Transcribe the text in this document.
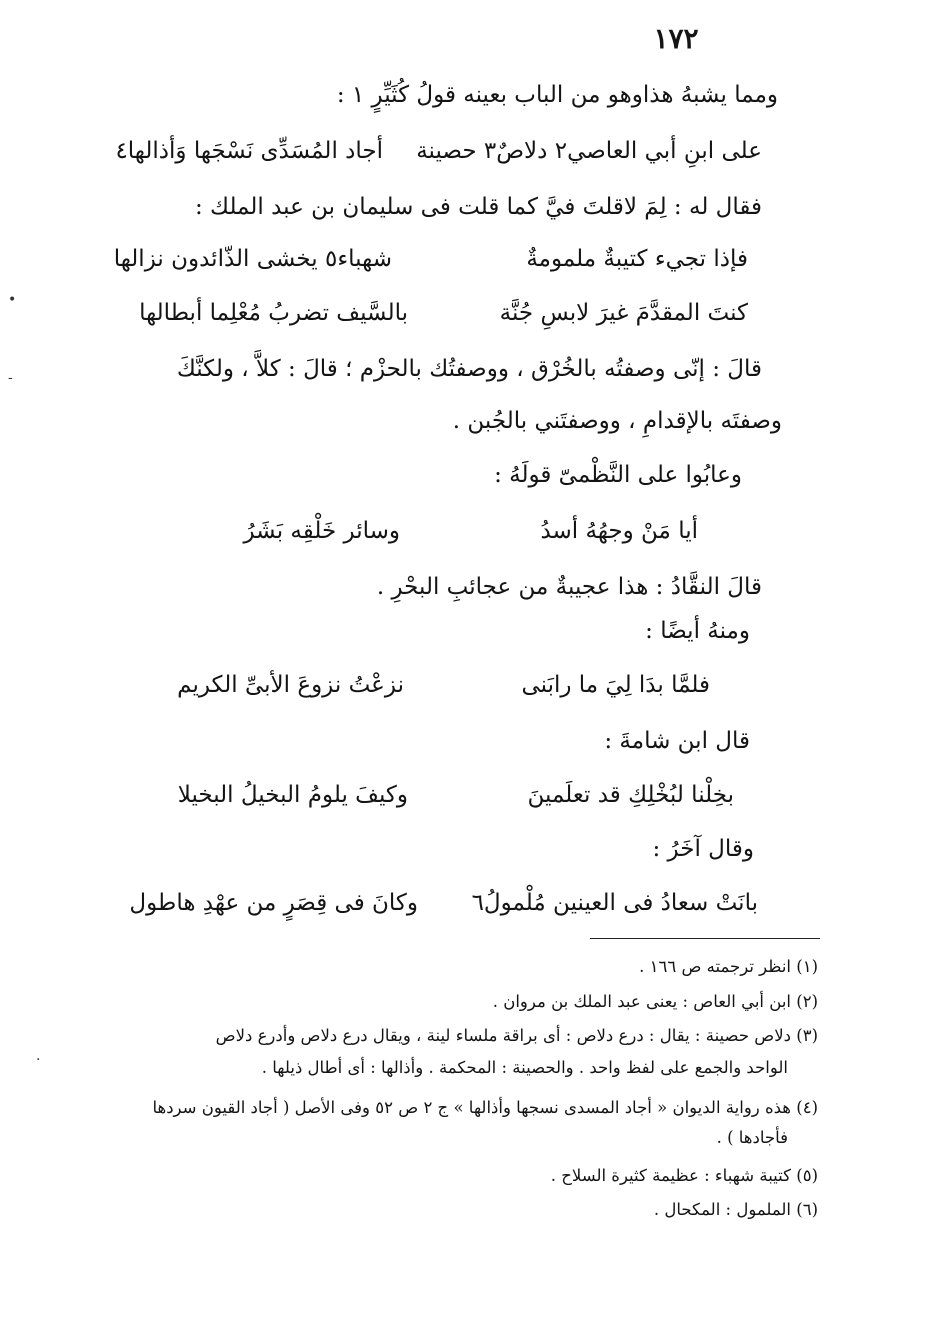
١٧٢
ومما يشبهُ هذاوهو من الباب بعينه قولُ كُثَيِّرٍ ١ :
على ابنِ أبي العاصي٢ دلاصٌ٣ حصينة
أجاد المُسَدِّى نَسْجَها وَأذالها٤
فقال له : لِمَ لاقلتَ فيَّ كما قلت فى سليمان بن عبد الملك :
فإذا تجيء كتيبةٌ ملمومةٌ
شهباء٥ يخشى الذّائدون نزالها
كنتَ المقدَّمَ غيرَ لابسِ جُنَّة
بالسَّيف تضربُ مُعْلِما أبطالها
قالَ : إنّى وصفتُه بالخُرْق ، ووصفتُك بالحزْم ؛ قالَ : كلاَّ ، ولكنَّكَ
وصفتَه بالإقدامِ ، ووصفتَني بالجُبن .
وعابُوا على النَّظْمىّ قولَهُ :
أيا مَنْ وجهُهُ أسدُ
وسائر خَلْقِه بَشَرُ
قالَ النقَّادُ : هذا عجيبةٌ من عجائبِ البحْرِ .
ومنهُ أيضًا :
فلمَّا بدَا لِيَ ما رابَنى
نزعْتُ نزوعَ الأبىِّ الكريم
قال ابن شامةَ :
بخِلْنا لبُخْلِكِ قد تعلَمينَ
وكيفَ يلومُ البخيلُ البخيلا
وقال آخَرُ :
بانَتْ سعادُ فى العينين مُلْمولُ٦
وكانَ فى قِصَرٍ من عهْدِ هاطول
(١) انظر ترجمته ص ١٦٦ .
(٢) ابن أبي العاص : يعنى عبد الملك بن مروان .
(٣) دلاص حصينة : يقال : درع دلاص : أى براقة ملساء لينة ، ويقال درع دلاص وأدرع دلاص
الواحد والجمع على لفظ واحد . والحصينة : المحكمة . وأذالها : أى أطال ذيلها .
(٤) هذه رواية الديوان « أجاد المسدى نسجها وأذالها » ج ٢ ص ٥٢ وفى الأصل ( أجاد القيون سردها
فأجادها ) .
(٥) كتيبة شهباء : عظيمة كثيرة السلاح .
(٦) الملمول : المكحال .
•
-
.
